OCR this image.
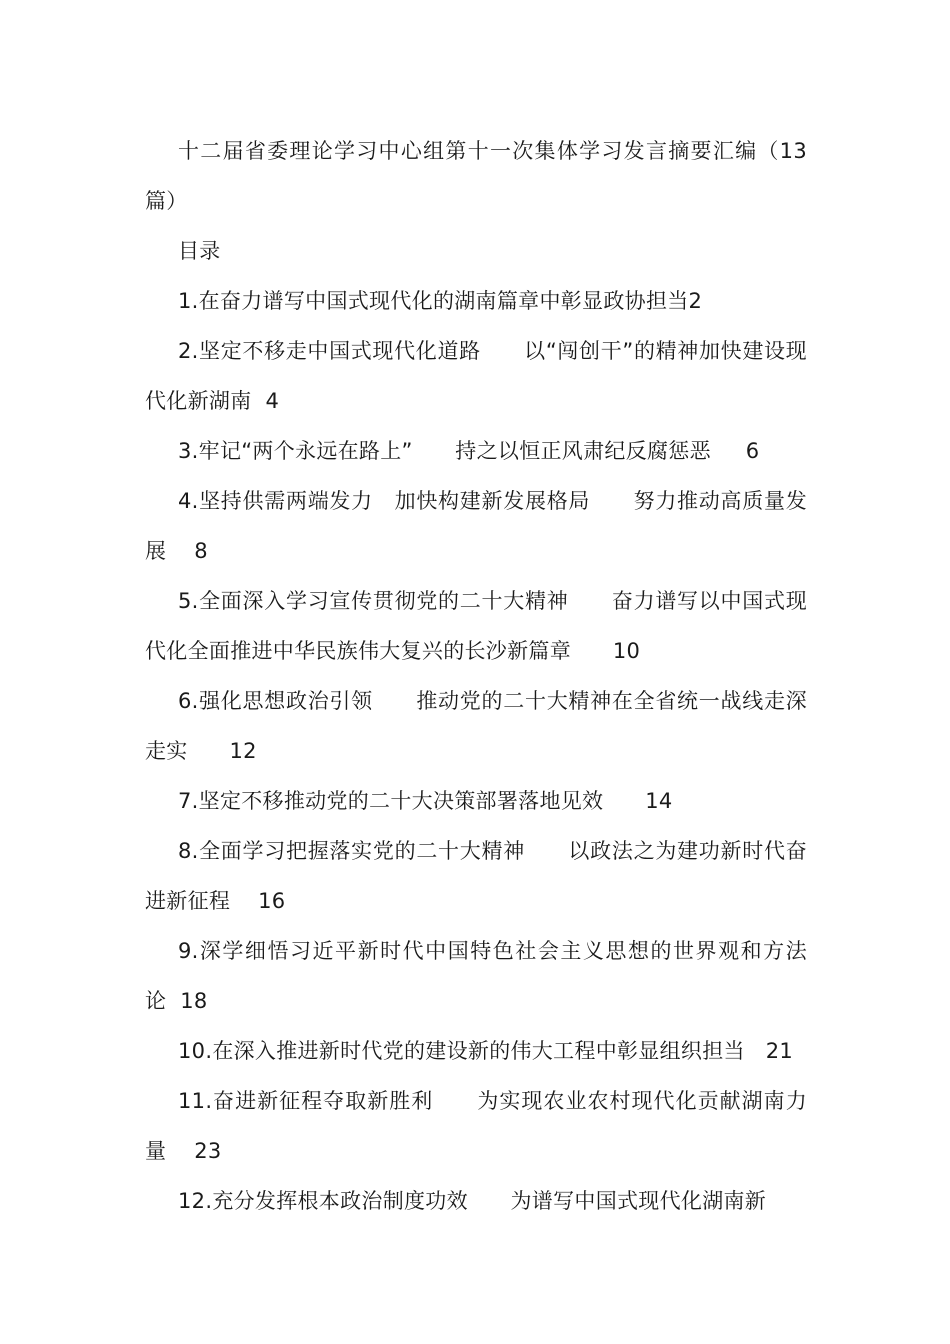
十二届省委理论学习中心组第十一次集体学习发言摘要汇编（13篇）

目录

1.在奋力谱写中国式现代化的湖南篇章中彰显政协担当2

2.坚定不移走中国式现代化道路　　以“闯创干”的精神加快建设现代化新湖南 4

3.牢记“两个永远在路上”　　持之以恒正风肃纪反腐惩恶 6

4.坚持供需两端发力　加快构建新发展格局　　努力推动高质量发展 8

5.全面深入学习宣传贯彻党的二十大精神　　奋力谱写以中国式现代化全面推进中华民族伟大复兴的长沙新篇章 10

6.强化思想政治引领　　推动党的二十大精神在全省统一战线走深走实 12

7.坚定不移推动党的二十大决策部署落地见效 14

8.全面学习把握落实党的二十大精神　　以政法之为建功新时代奋进新征程 16

9.深学细悟习近平新时代中国特色社会主义思想的世界观和方法论 18

10.在深入推进新时代党的建设新的伟大工程中彰显组织担当 21

11.奋进新征程夺取新胜利　　为实现农业农村现代化贡献湖南力量 23

12.充分发挥根本政治制度功效　　为谱写中国式现代化湖南新
